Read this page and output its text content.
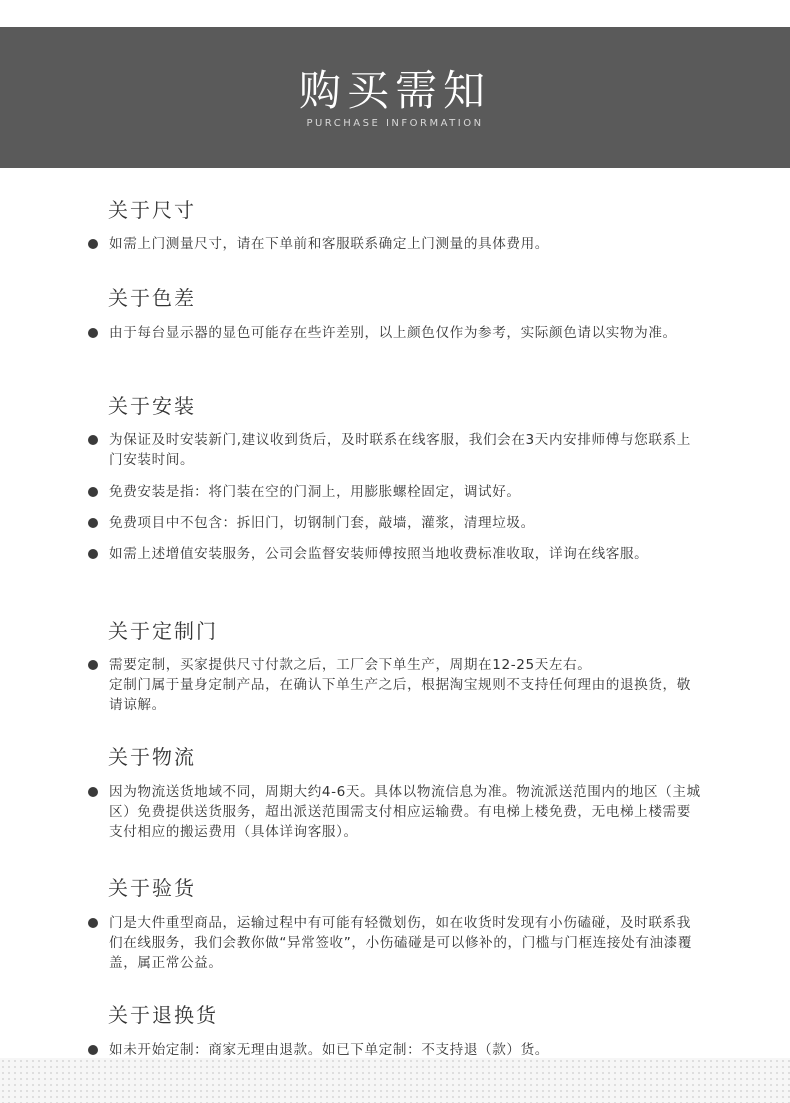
购买需知
PURCHASE INFORMATION
关于尺寸
如需上门测量尺寸，请在下单前和客服联系确定上门测量的具体费用。
关于色差
由于每台显示器的显色可能存在些许差别，以上颜色仅作为参考，实际颜色请以实物为准。
关于安装
为保证及时安装新门,建议收到货后，及时联系在线客服，我们会在3天内安排师傅与您联系上门安装时间。
免费安装是指：将门装在空的门洞上，用膨胀螺栓固定，调试好。
免费项目中不包含：拆旧门，切钢制门套，敲墙，灌浆，清理垃圾。
如需上述增值安装服务，公司会监督安装师傅按照当地收费标准收取，详询在线客服。
关于定制门
需要定制，买家提供尺寸付款之后，工厂会下单生产，周期在12-25天左右。
定制门属于量身定制产品，在确认下单生产之后，根据淘宝规则不支持任何理由的退换货，敬请谅解。
关于物流
因为物流送货地域不同，周期大约4-6天。具体以物流信息为准。物流派送范围内的地区（主城区）免费提供送货服务，超出派送范围需支付相应运输费。有电梯上楼免费，无电梯上楼需要支付相应的搬运费用（具体详询客服）。
关于验货
门是大件重型商品，运输过程中有可能有轻微划伤，如在收货时发现有小伤磕碰，及时联系我们在线服务，我们会教你做“异常签收”，小伤磕碰是可以修补的，门槛与门框连接处有油漆覆盖，属正常公益。
关于退换货
如未开始定制：商家无理由退款。如已下单定制：不支持退（款）货。
